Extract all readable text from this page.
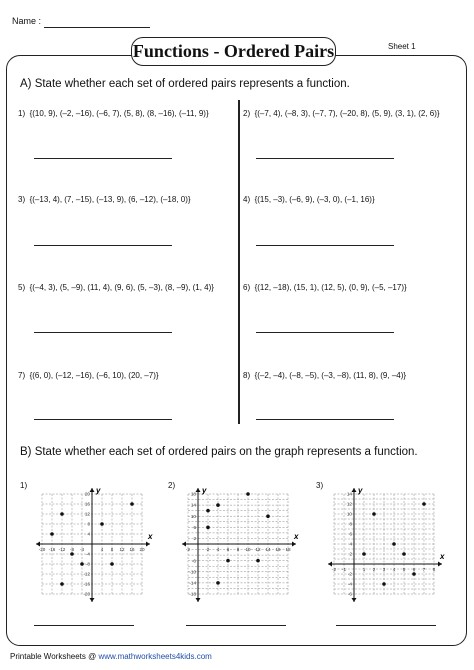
Name :
Functions - Ordered Pairs	Sheet 1
A) State whether each set of ordered pairs represents a function.
1) {(10, 9), (–2, –16), (–6, 7), (5, 8), (8, –16), (–11, 9)}	2) {(–7, 4), (–8, 3), (–7, 7), (–20, 8), (5, 9), (3, 1), (2, 6)}
3) {(–13, 4), (7, –15), (–13, 9), (6, –12), (–18, 0)}	4) {(15, –3), (–6, 9), (–3, 0), (–1, 16)}
5) {(–4, 3), (5, –9), (11, 4), (9, 6), (5, –3), (8, –9), (1, 4)}	6) {(12, –18), (15, 1), (12, 5), (0, 9), (–5, –17)}
7) {(6, 0), (–12, –16), (–6, 10), (20, –7)}	8) {(–2, –4), (–8, –5), (–3, –8), (11, 8), (9, –4)}
B) State whether each set of ordered pairs on the graph represents a function.
1)	2)	3)
x
y
-20 -16 -12 -8 -4	4 8 12 16 20
20
16
12
8
4
-4
-8
-12
-16
-20
x
y
-2	2 4 6 8 10 12 14 16 18
18
14
10
6
2
-6
-10
-14
-18
x
y
-2 -1	1 2 3 4 5 6 7 8
14
12
10
8
6
4
2
-2
-4
-6
Printable Worksheets @ www.mathworksheets4kids.com
